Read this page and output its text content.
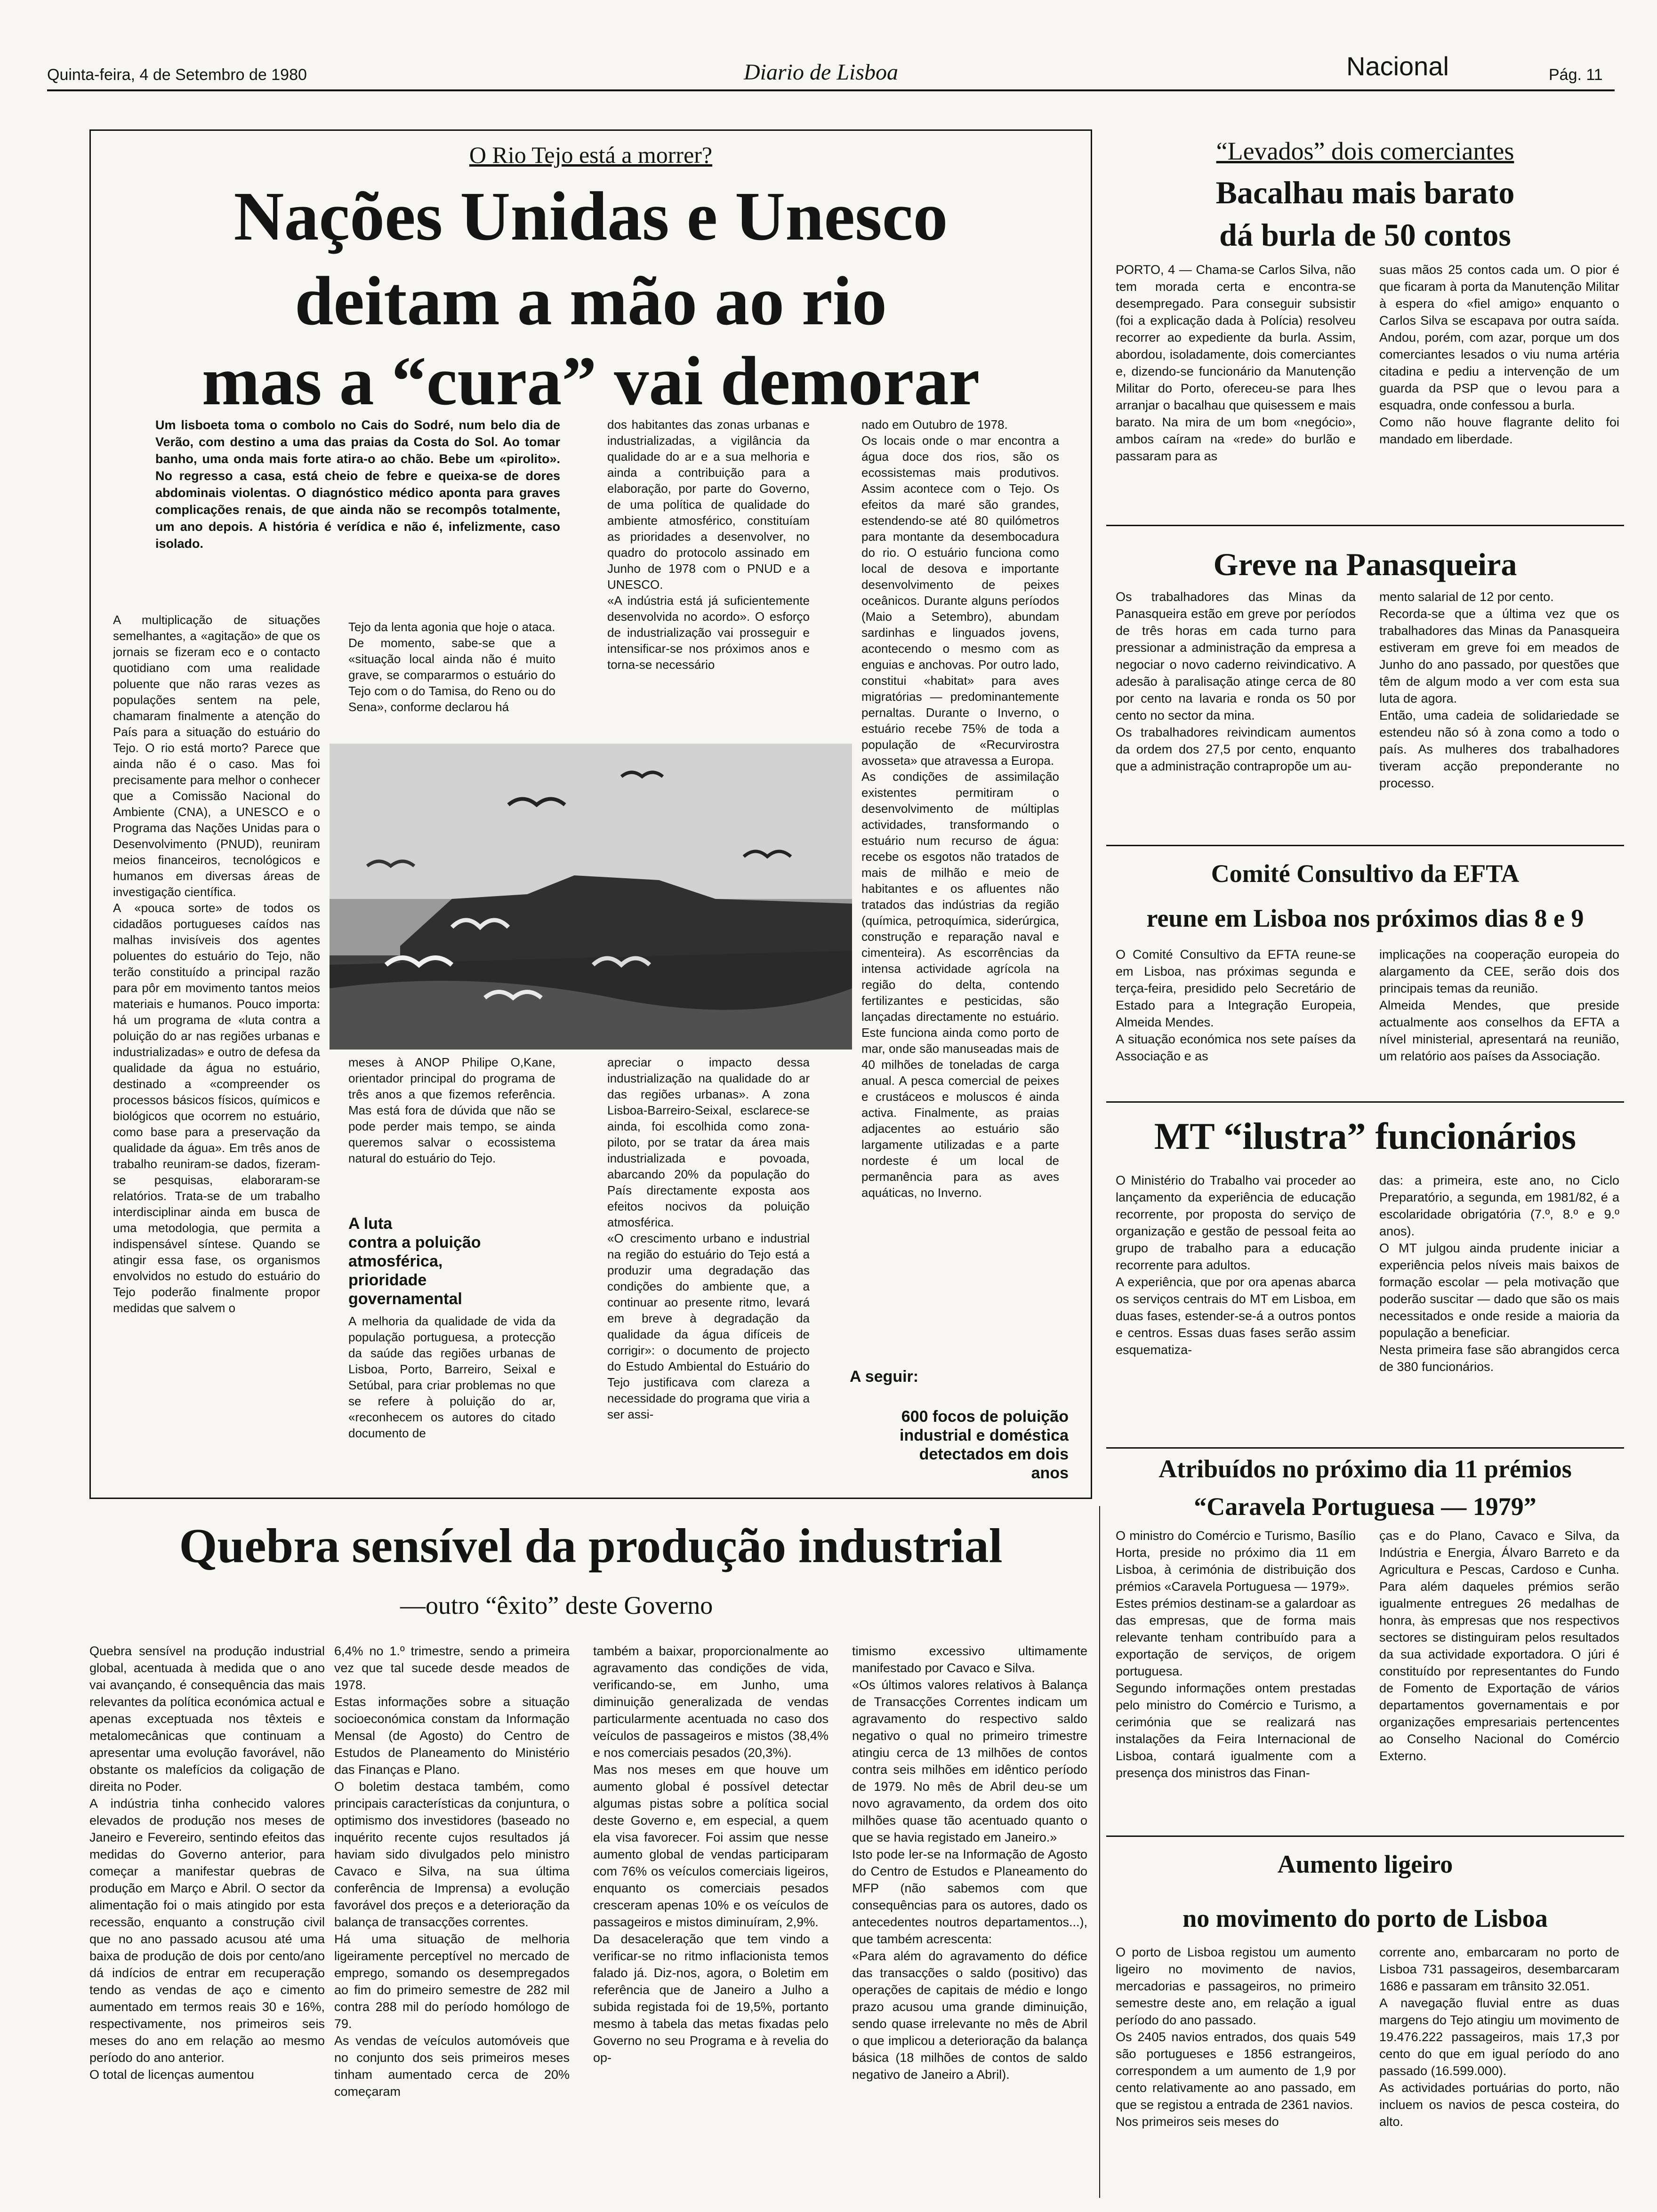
Quinta-feira, 4 de Setembro de 1980	Diario de Lisboa	Nacional	Pág. 11
O Rio Tejo está a morrer?
Nações Unidas e Unesco
deitam a mão ao rio
mas a “cura” vai demorar

Um lisboeta toma o combolo no Cais do Sodré, num belo dia de Verão, com destino a uma das praias da Costa do Sol. Ao tomar banho, uma onda mais forte atira-o ao chão. Bebe um «pirolito». No regresso a casa, está cheio de febre e queixa-se de dores abdominais violentas. O diagnóstico médico aponta para graves complicações renais, de que ainda não se recompôs totalmente, um ano depois. A história é verídica e não é, infelizmente, caso isolado.

A multiplicação de situações semelhantes, a «agitação» de que os jornais se fizeram eco e o contacto quotidiano com uma realidade poluente que não raras vezes as populações sentem na pele, chamaram finalmente a atenção do País para a situação do estuário do Tejo. O rio está morto? Parece que ainda não é o caso. Mas foi precisamente para melhor o conhecer que a Comissão Nacional do Ambiente (CNA), a UNESCO e o Programa das Nações Unidas para o Desenvolvimento (PNUD), reuniram meios financeiros, tecnológicos e humanos em diversas áreas de investigação científica.
A «pouca sorte» de todos os cidadãos portugueses caídos nas malhas invisíveis dos agentes poluentes do estuário do Tejo, não terão constituído a principal razão para pôr em movimento tantos meios materiais e humanos. Pouco importa: há um programa de «luta contra a poluição do ar nas regiões urbanas e industrializadas» e outro de defesa da qualidade da água no estuário, destinado a «compreender os processos básicos físicos, químicos e biológicos que ocorrem no estuário, como base para a preservação da qualidade da água». Em três anos de trabalho reuniram-se dados, fizeram-se pesquisas, elaboraram-se relatórios. Trata-se de um trabalho interdisciplinar ainda em busca de uma metodologia, que permita a indispensável síntese. Quando se atingir essa fase, os organismos envolvidos no estudo do estuário do Tejo poderão finalmente propor medidas que salvem o

Tejo da lenta agonia que hoje o ataca.
De momento, sabe-se que a «situação local ainda não é muito grave, se compararmos o estuário do Tejo com o do Tamisa, do Reno ou do Sena», conforme declarou há

dos habitantes das zonas urbanas e industrializadas, a vigilância da qualidade do ar e a sua melhoria e ainda a contribuição para a elaboração, por parte do Governo, de uma política de qualidade do ambiente atmosférico, constituíam as prioridades a desenvolver, no quadro do protocolo assinado em Junho de 1978 com o PNUD e a UNESCO.
«A indústria está já suficientemente desenvolvida no acordo». O esforço de industrialização vai prosseguir e intensificar-se nos próximos anos e torna-se necessário

nado em Outubro de 1978.
Os locais onde o mar encontra a água doce dos rios, são os ecossistemas mais produtivos. Assim acontece com o Tejo. Os efeitos da maré são grandes, estendendo-se até 80 quilómetros para montante da desembocadura do rio. O estuário funciona como local de desova e importante desenvolvimento de peixes oceânicos. Durante alguns períodos (Maio a Setembro), abundam sardinhas e linguados jovens, acontecendo o mesmo com as enguias e anchovas. Por outro lado, constitui «habitat» para aves migratórias — predominantemente pernaltas. Durante o Inverno, o estuário recebe 75% de toda a população de «Recurvirostra avosseta» que atravessa a Europa.
As condições de assimilação existentes permitiram o desenvolvimento de múltiplas actividades, transformando o estuário num recurso de água: recebe os esgotos não tratados de mais de milhão e meio de habitantes e os afluentes não tratados das indústrias da região (química, petroquímica, siderúrgica, construção e reparação naval e cimenteira). As escorrências da intensa actividade agrícola na região do delta, contendo fertilizantes e pesticidas, são lançadas directamente no estuário. Este funciona ainda como porto de mar, onde são manuseadas mais de 40 milhões de toneladas de carga anual. A pesca comercial de peixes e crustáceos e moluscos é ainda activa. Finalmente, as praias adjacentes ao estuário são largamente utilizadas e a parte nordeste é um local de permanência para as aves aquáticas, no Inverno.

meses à ANOP Philipe O,Kane, orientador principal do programa de três anos a que fizemos referência. Mas está fora de dúvida que não se pode perder mais tempo, se ainda queremos salvar o ecossistema natural do estuário do Tejo.

A luta
contra a poluição
atmosférica,
prioridade
governamental

A melhoria da qualidade de vida da população portuguesa, a protecção da saúde das regiões urbanas de Lisboa, Porto, Barreiro, Seixal e Setúbal, para criar problemas no que se refere à poluição do ar, «reconhecem os autores do citado documento de

apreciar o impacto dessa industrialização na qualidade do ar das regiões urbanas». A zona Lisboa-Barreiro-Seixal, esclarece-se ainda, foi escolhida como zona-piloto, por se tratar da área mais industrializada e povoada, abarcando 20% da população do País directamente exposta aos efeitos nocivos da poluição atmosférica.
«O crescimento urbano e industrial na região do estuário do Tejo está a produzir uma degradação das condições do ambiente que, a continuar ao presente ritmo, levará em breve à degradação da qualidade da água difíceis de corrigir»: o documento de projecto do Estudo Ambiental do Estuário do Tejo justificava com clareza a necessidade do programa que viria a ser assi-

A seguir:
600 focos de poluição industrial e doméstica detectados em dois anos
“Levados” dois comerciantes
Bacalhau mais barato
dá burla de 50 contos

PORTO, 4 — Chama-se Carlos Silva, não tem morada certa e encontra-se desempregado. Para conseguir subsistir (foi a explicação dada à Polícia) resolveu recorrer ao expediente da burla. Assim, abordou, isoladamente, dois comerciantes e, dizendo-se funcionário da Manutenção Militar do Porto, ofereceu-se para lhes arranjar o bacalhau que quisessem e mais barato. Na mira de um bom «negócio», ambos caíram na «rede» do burlão e passaram para as

suas mãos 25 contos cada um. O pior é que ficaram à porta da Manutenção Militar à espera do «fiel amigo» enquanto o Carlos Silva se escapava por outra saída. Andou, porém, com azar, porque um dos comerciantes lesados o viu numa artéria citadina e pediu a intervenção de um guarda da PSP que o levou para a esquadra, onde confessou a burla.
Como não houve flagrante delito foi mandado em liberdade.

Greve na Panasqueira

Os trabalhadores das Minas da Panasqueira estão em greve por períodos de três horas em cada turno para pressionar a administração da empresa a negociar o novo caderno reivindicativo. A adesão à paralisação atinge cerca de 80 por cento na lavaria e ronda os 50 por cento no sector da mina.
Os trabalhadores reivindicam aumentos da ordem dos 27,5 por cento, enquanto que a administração contrapropõe um au-

mento salarial de 12 por cento.
Recorda-se que a última vez que os trabalhadores das Minas da Panasqueira estiveram em greve foi em meados de Junho do ano passado, por questões que têm de algum modo a ver com esta sua luta de agora.
Então, uma cadeia de solidariedade se estendeu não só à zona como a todo o país. As mulheres dos trabalhadores tiveram acção preponderante no processo.

Comité Consultivo da EFTA
reune em Lisboa nos próximos dias 8 e 9

O Comité Consultivo da EFTA reune-se em Lisboa, nas próximas segunda e terça-feira, presidido pelo Secretário de Estado para a Integração Europeia, Almeida Mendes.
A situação económica nos sete países da Associação e as

implicações na cooperação europeia do alargamento da CEE, serão dois dos principais temas da reunião.
Almeida Mendes, que preside actualmente aos conselhos da EFTA a nível ministerial, apresentará na reunião, um relatório aos países da Associação.

MT “ilustra” funcionários

O Ministério do Trabalho vai proceder ao lançamento da experiência de educação recorrente, por proposta do serviço de organização e gestão de pessoal feita ao grupo de trabalho para a educação recorrente para adultos.
A experiência, que por ora apenas abarca os serviços centrais do MT em Lisboa, em duas fases, estender-se-á a outros pontos e centros. Essas duas fases serão assim esquematiza-

das: a primeira, este ano, no Ciclo Preparatório, a segunda, em 1981/82, é a escolaridade obrigatória (7.º, 8.º e 9.º anos).
O MT julgou ainda prudente iniciar a experiência pelos níveis mais baixos de formação escolar — pela motivação que poderão suscitar — dado que são os mais necessitados e onde reside a maioria da população a beneficiar.
Nesta primeira fase são abrangidos cerca de 380 funcionários.

Atribuídos no próximo dia 11 prémios
“Caravela Portuguesa — 1979”

O ministro do Comércio e Turismo, Basílio Horta, preside no próximo dia 11 em Lisboa, à cerimónia de distribuição dos prémios «Caravela Portuguesa — 1979».
Estes prémios destinam-se a galardoar as das empresas, que de forma mais relevante tenham contribuído para a exportação de serviços, de origem portuguesa.
Segundo informações ontem prestadas pelo ministro do Comércio e Turismo, a cerimónia que se realizará nas instalações da Feira Internacional de Lisboa, contará igualmente com a presença dos ministros das Finan-

ças e do Plano, Cavaco e Silva, da Indústria e Energia, Álvaro Barreto e da Agricultura e Pescas, Cardoso e Cunha. Para além daqueles prémios serão igualmente entregues 26 medalhas de honra, às empresas que nos respectivos sectores se distinguiram pelos resultados da sua actividade exportadora. O júri é constituído por representantes do Fundo de Fomento de Exportação de vários departamentos governamentais e por organizações empresariais pertencentes ao Conselho Nacional do Comércio Externo.

Aumento ligeiro
no movimento do porto de Lisboa

O porto de Lisboa registou um aumento ligeiro no movimento de navios, mercadorias e passageiros, no primeiro semestre deste ano, em relação a igual período do ano passado.
Os 2405 navios entrados, dos quais 549 são portugueses e 1856 estrangeiros, correspondem a um aumento de 1,9 por cento relativamente ao ano passado, em que se registou a entrada de 2361 navios.
Nos primeiros seis meses do

corrente ano, embarcaram no porto de Lisboa 731 passageiros, desembarcaram 1686 e passaram em trânsito 32.051.
A navegação fluvial entre as duas margens do Tejo atingiu um movimento de 19.476.222 passageiros, mais 17,3 por cento do que em igual período do ano passado (16.599.000).
As actividades portuárias do porto, não incluem os navios de pesca costeira, do alto.

Quebra sensível da produção industrial
—outro “êxito” deste Governo

Quebra sensível na produção industrial global, acentuada à medida que o ano vai avançando, é consequência das mais relevantes da política económica actual e apenas exceptuada nos têxteis e metalomecânicas que continuam a apresentar uma evolução favorável, não obstante os malefícios da coligação de direita no Poder.
A indústria tinha conhecido valores elevados de produção nos meses de Janeiro e Fevereiro, sentindo efeitos das medidas do Governo anterior, para começar a manifestar quebras de produção em Março e Abril. O sector da alimentação foi o mais atingido por esta recessão, enquanto a construção civil que no ano passado acusou até uma baixa de produção de dois por cento/ano dá indícios de entrar em recuperação tendo as vendas de aço e cimento aumentado em termos reais 30 e 16%, respectivamente, nos primeiros seis meses do ano em relação ao mesmo período do ano anterior.
O total de licenças aumentou

6,4% no 1.º trimestre, sendo a primeira vez que tal sucede desde meados de 1978.
Estas informações sobre a situação socioeconómica constam da Informação Mensal (de Agosto) do Centro de Estudos de Planeamento do Ministério das Finanças e Plano.
O boletim destaca também, como principais características da conjuntura, o optimismo dos investidores (baseado no inquérito recente cujos resultados já haviam sido divulgados pelo ministro Cavaco e Silva, na sua última conferência de Imprensa) a evolução favorável dos preços e a deterioração da balança de transacções correntes.
Há uma situação de melhoria ligeiramente perceptível no mercado de emprego, somando os desempregados ao fim do primeiro semestre de 282 mil contra 288 mil do período homólogo de 79.
As vendas de veículos automóveis que no conjunto dos seis primeiros meses tinham aumentado cerca de 20% começaram

também a baixar, proporcionalmente ao agravamento das condições de vida, verificando-se, em Junho, uma diminuição generalizada de vendas particularmente acentuada no caso dos veículos de passageiros e mistos (38,4% e nos comerciais pesados (20,3%).
Mas nos meses em que houve um aumento global é possível detectar algumas pistas sobre a política social deste Governo e, em especial, a quem ela visa favorecer. Foi assim que nesse aumento global de vendas participaram com 76% os veículos comerciais ligeiros, enquanto os comerciais pesados cresceram apenas 10% e os veículos de passageiros e mistos diminuíram, 2,9%.
Da desaceleração que tem vindo a verificar-se no ritmo inflacionista temos falado já. Diz-nos, agora, o Boletim em referência que de Janeiro a Julho a subida registada foi de 19,5%, portanto mesmo à tabela das metas fixadas pelo Governo no seu Programa e à revelia do op-

timismo excessivo ultimamente manifestado por Cavaco e Silva.
«Os últimos valores relativos à Balança de Transacções Correntes indicam um agravamento do respectivo saldo negativo o qual no primeiro trimestre atingiu cerca de 13 milhões de contos contra seis milhões em idêntico período de 1979. No mês de Abril deu-se um novo agravamento, da ordem dos oito milhões quase tão acentuado quanto o que se havia registado em Janeiro.»
Isto pode ler-se na Informação de Agosto do Centro de Estudos e Planeamento do MFP (não sabemos com que consequências para os autores, dado os antecedentes noutros departamentos...), que também acrescenta:
«Para além do agravamento do défice das transacções o saldo (positivo) das operações de capitais de médio e longo prazo acusou uma grande diminuição, sendo quase irrelevante no mês de Abril o que implicou a deterioração da balança básica (18 milhões de contos de saldo negativo de Janeiro a Abril).
